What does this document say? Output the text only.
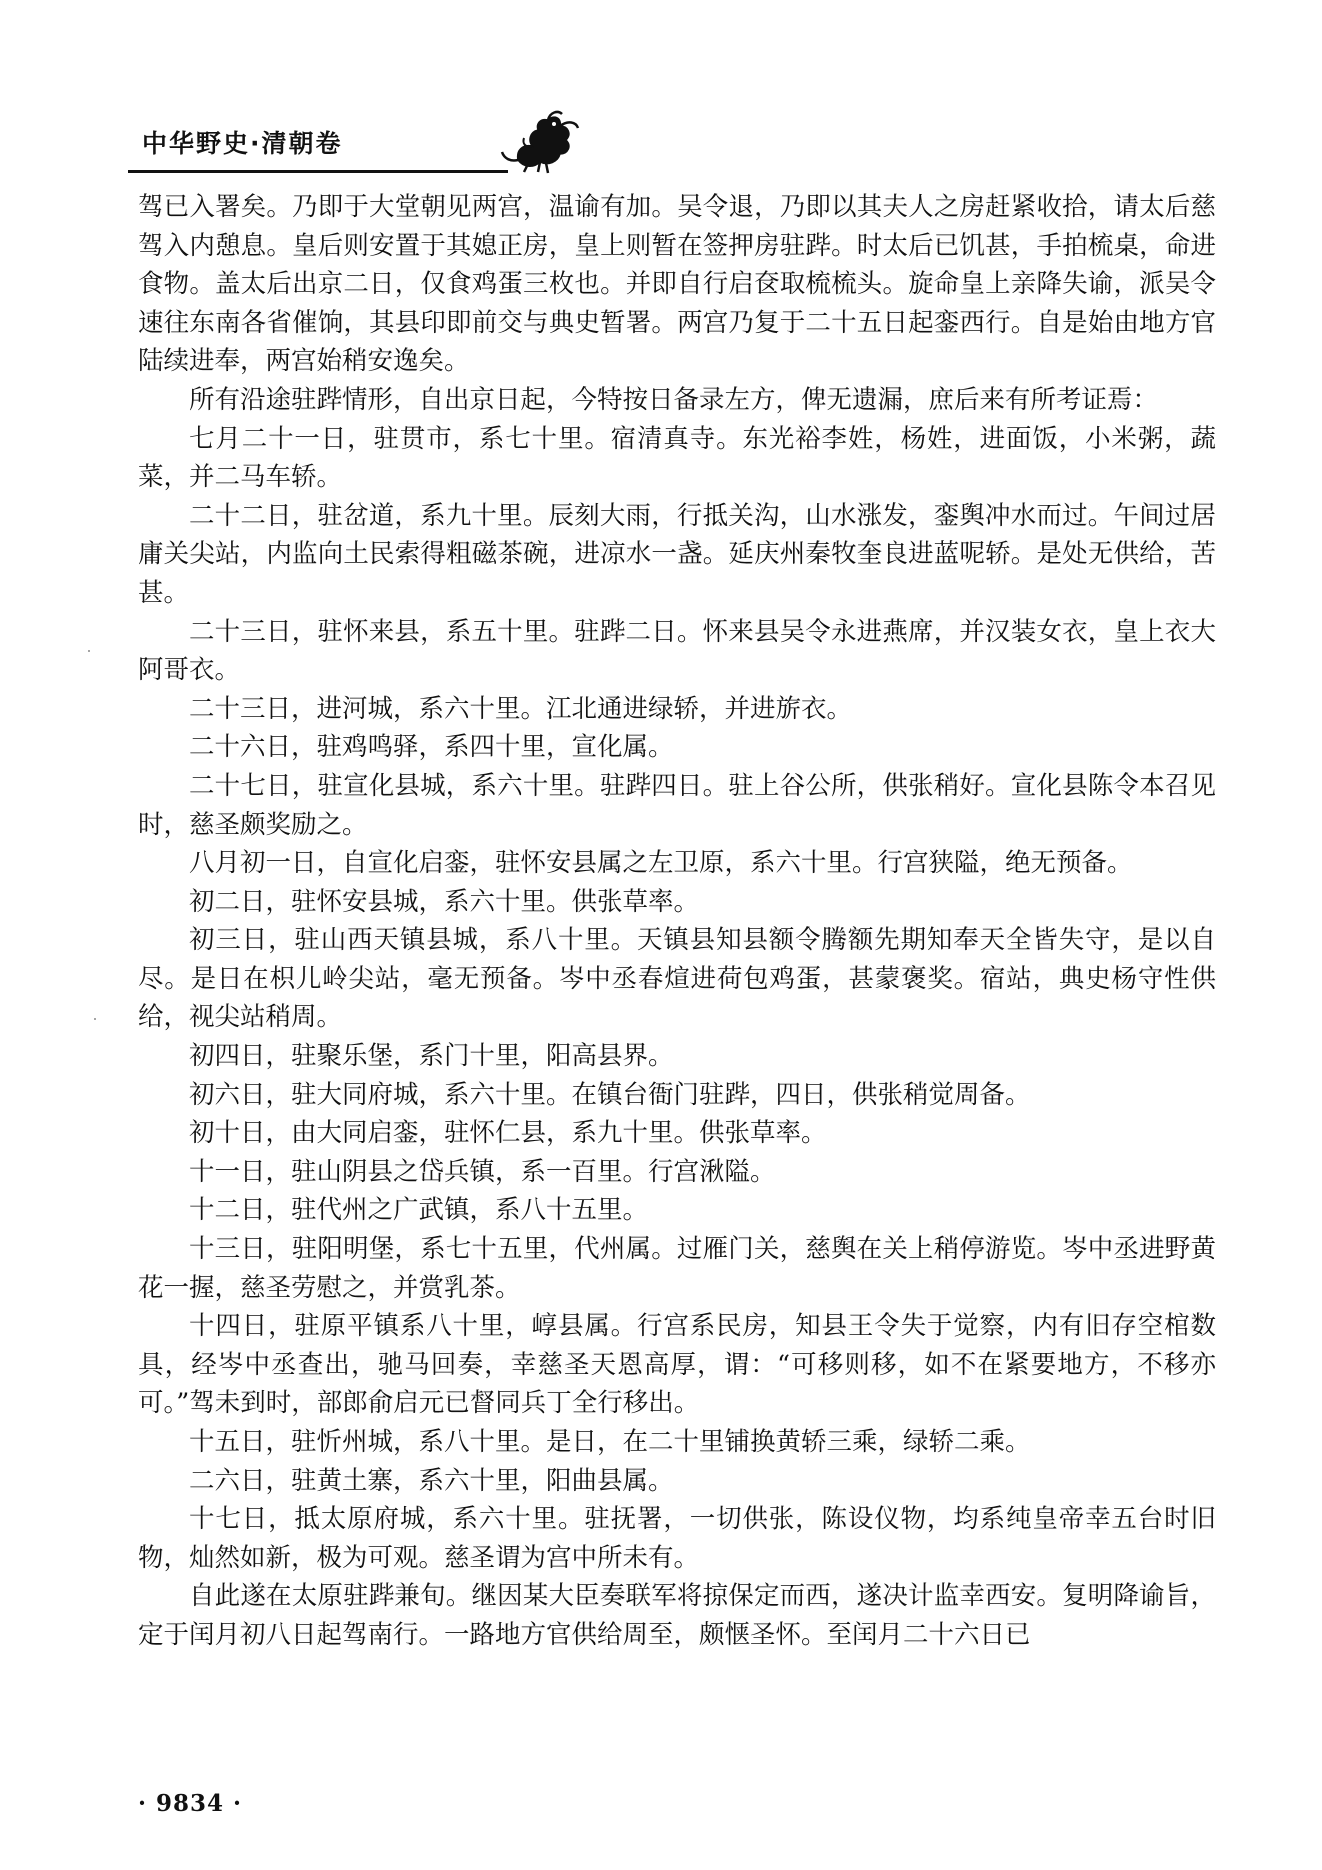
中华野史·清朝卷

驾已入署矣。乃即于大堂朝见两宫，温谕有加。吴令退，乃即以其夫人之房赶紧收拾，请太后慈驾入内憩息。皇后则安置于其媳正房，皇上则暂在签押房驻跸。时太后已饥甚，手拍梳桌，命进食物。盖太后出京二日，仅食鸡蛋三枚也。并即自行启奁取梳梳头。旋命皇上亲降失谕，派吴令速往东南各省催饷，其县印即前交与典史暂署。两宫乃复于二十五日起銮西行。自是始由地方官陆续进奉，两宫始稍安逸矣。

所有沿途驻跸情形，自出京日起，今特按日备录左方，俾无遗漏，庶后来有所考证焉：

七月二十一日，驻贯市，系七十里。宿清真寺。东光裕李姓，杨姓，进面饭，小米粥，蔬菜，并二马车轿。

二十二日，驻岔道，系九十里。辰刻大雨，行抵关沟，山水涨发，銮舆冲水而过。午间过居庸关尖站，内监向土民索得粗磁茶碗，进凉水一盏。延庆州秦牧奎良进蓝呢轿。是处无供给，苦甚。

二十三日，驻怀来县，系五十里。驻跸二日。怀来县吴令永进燕席，并汉装女衣，皇上衣大阿哥衣。

二十三日，进河城，系六十里。江北通进绿轿，并进旂衣。

二十六日，驻鸡鸣驿，系四十里，宣化属。

二十七日，驻宣化县城，系六十里。驻跸四日。驻上谷公所，供张稍好。宣化县陈令本召见时，慈圣颇奖励之。

八月初一日，自宣化启銮，驻怀安县属之左卫原，系六十里。行宫狭隘，绝无预备。

初二日，驻怀安县城，系六十里。供张草率。

初三日，驻山西天镇县城，系八十里。天镇县知县额令腾额先期知奉天全皆失守，是以自尽。是日在枳儿岭尖站，毫无预备。岑中丞春煊进荷包鸡蛋，甚蒙褒奖。宿站，典史杨守性供给，视尖站稍周。

初四日，驻聚乐堡，系门十里，阳高县界。

初六日，驻大同府城，系六十里。在镇台衙门驻跸，四日，供张稍觉周备。

初十日，由大同启銮，驻怀仁县，系九十里。供张草率。

十一日，驻山阴县之岱兵镇，系一百里。行宫湫隘。

十二日，驻代州之广武镇，系八十五里。

十三日，驻阳明堡，系七十五里，代州属。过雁门关，慈舆在关上稍停游览。岑中丞进野黄花一握，慈圣劳慰之，并赏乳茶。

十四日，驻原平镇系八十里，崞县属。行宫系民房，知县王令失于觉察，内有旧存空棺数具，经岑中丞查出，驰马回奏，幸慈圣天恩高厚，谓：“可移则移，如不在紧要地方，不移亦可。”驾未到时，部郎俞启元已督同兵丁全行移出。

十五日，驻忻州城，系八十里。是日，在二十里铺换黄轿三乘，绿轿二乘。

二六日，驻黄土寨，系六十里，阳曲县属。

十七日，抵太原府城，系六十里。驻抚署，一切供张，陈设仪物，均系纯皇帝幸五台时旧物，灿然如新，极为可观。慈圣谓为宫中所未有。

自此遂在太原驻跸兼旬。继因某大臣奏联军将掠保定而西，遂决计监幸西安。复明降谕旨，定于闰月初八日起驾南行。一路地方官供给周至，颇惬圣怀。至闰月二十六日已

· 9834 ·
